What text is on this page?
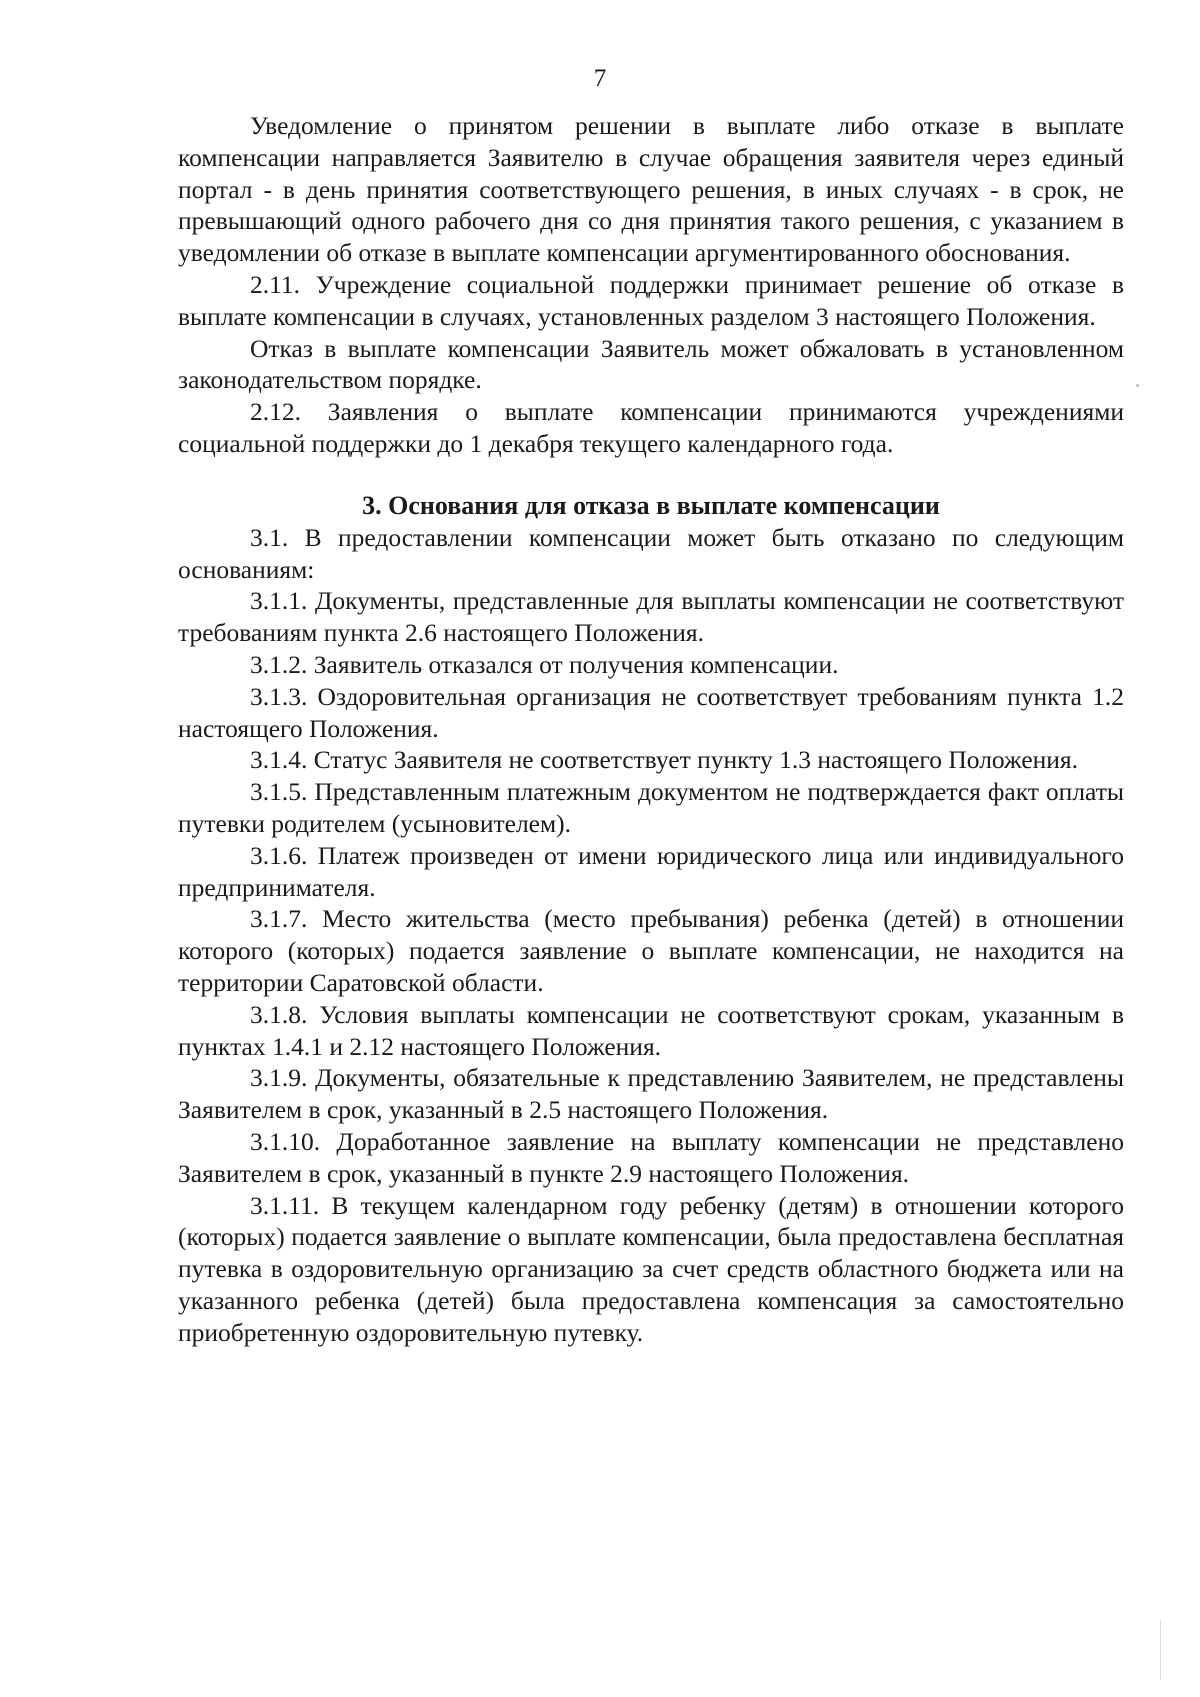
7

Уведомление о принятом решении в выплате либо отказе в выплате компенсации направляется Заявителю в случае обращения заявителя через единый портал - в день принятия соответствующего решения, в иных случаях - в срок, не превышающий одного рабочего дня со дня принятия такого решения, с указанием в уведомлении об отказе в выплате компенсации аргументированного обоснования.

2.11. Учреждение социальной поддержки принимает решение об отказе в выплате компенсации в случаях, установленных разделом 3 настоящего Положения.

Отказ в выплате компенсации Заявитель может обжаловать в установленном законодательством порядке.

2.12. Заявления о выплате компенсации принимаются учреждениями социальной поддержки до 1 декабря текущего календарного года.

3. Основания для отказа в выплате компенсации

3.1. В предоставлении компенсации может быть отказано по следующим основаниям:

3.1.1. Документы, представленные для выплаты компенсации не соответствуют требованиям пункта 2.6 настоящего Положения.

3.1.2. Заявитель отказался от получения компенсации.

3.1.3. Оздоровительная организация не соответствует требованиям пункта 1.2 настоящего Положения.

3.1.4. Статус Заявителя не соответствует пункту 1.3 настоящего Положения.

3.1.5. Представленным платежным документом не подтверждается факт оплаты путевки родителем (усыновителем).

3.1.6. Платеж произведен от имени юридического лица или индивидуального предпринимателя.

3.1.7. Место жительства (место пребывания) ребенка (детей) в отношении которого (которых) подается заявление о выплате компенсации, не находится на территории Саратовской области.

3.1.8. Условия выплаты компенсации не соответствуют срокам, указанным в пунктах 1.4.1 и 2.12 настоящего Положения.

3.1.9. Документы, обязательные к представлению Заявителем, не представлены Заявителем в срок, указанный в 2.5 настоящего Положения.

3.1.10. Доработанное заявление на выплату компенсации не представлено Заявителем в срок, указанный в пункте 2.9 настоящего Положения.

3.1.11. В текущем календарном году ребенку (детям) в отношении которого (которых) подается заявление о выплате компенсации, была предоставлена бесплатная путевка в оздоровительную организацию за счет средств областного бюджета или на указанного ребенка (детей) была предоставлена компенсация за самостоятельно приобретенную оздоровительную путевку.
